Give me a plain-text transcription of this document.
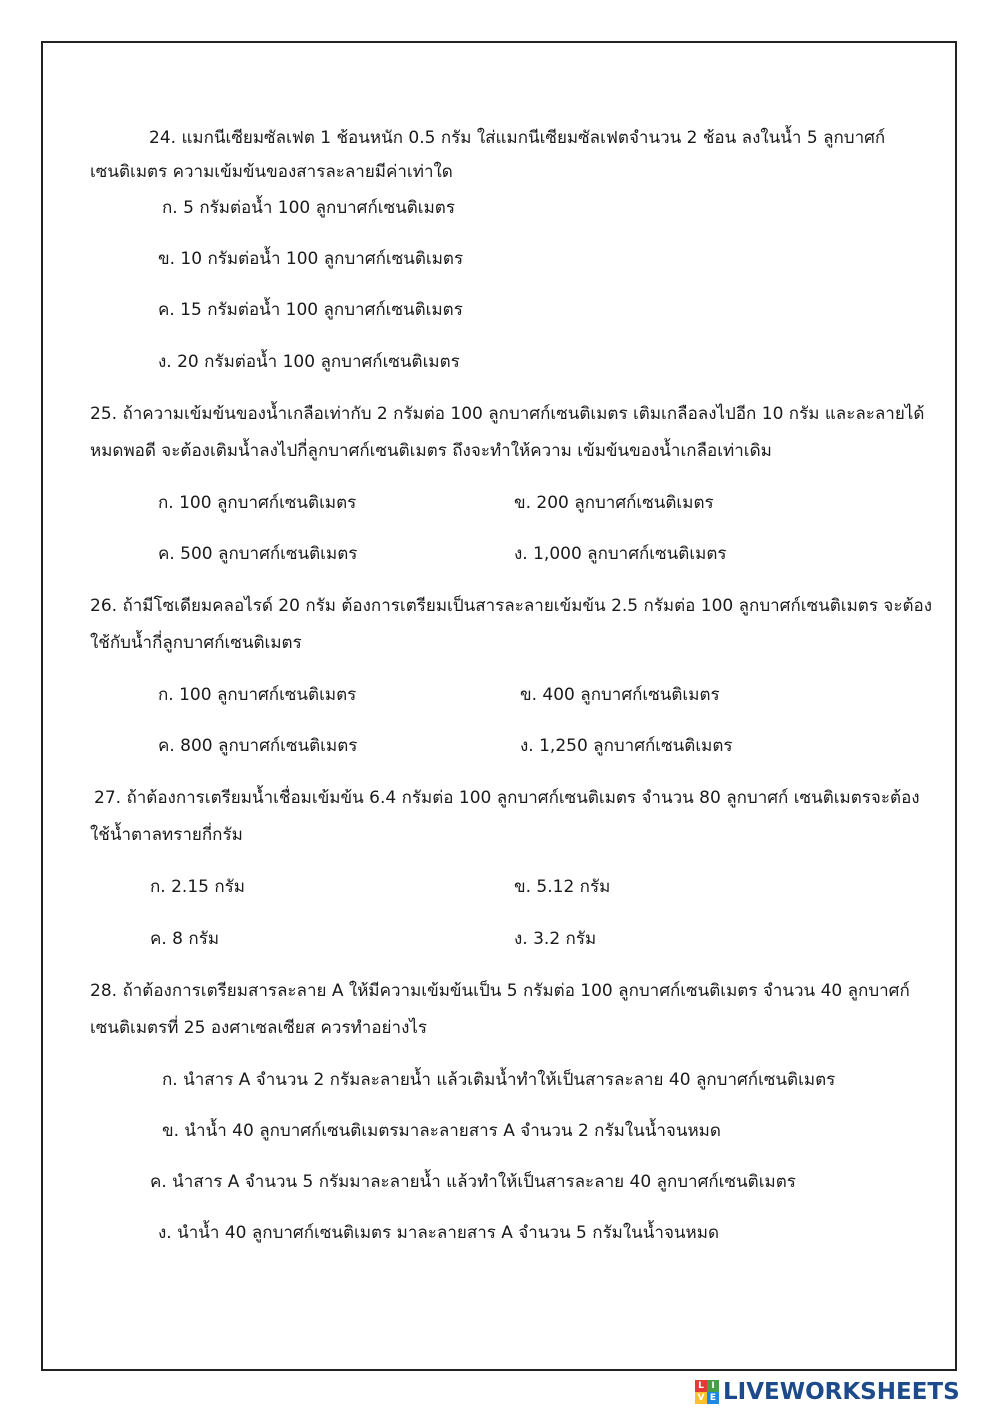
24. แมกนีเซียมซัลเฟต 1 ช้อนหนัก 0.5 กรัม ใส่แมกนีเซียมซัลเฟตจำนวน 2 ช้อน ลงในน้ำ 5 ลูกบาศก์
เซนติเมตร ความเข้มข้นของสารละลายมีค่าเท่าใด
ก. 5 กรัมต่อน้ำ 100 ลูกบาศก์เซนติเมตร
ข. 10 กรัมต่อน้ำ 100 ลูกบาศก์เซนติเมตร
ค. 15 กรัมต่อน้ำ 100 ลูกบาศก์เซนติเมตร
ง. 20 กรัมต่อน้ำ 100 ลูกบาศก์เซนติเมตร
25. ถ้าความเข้มข้นของน้ำเกลือเท่ากับ 2 กรัมต่อ 100 ลูกบาศก์เซนติเมตร เติมเกลือลงไปอีก 10 กรัม และละลายได้
หมดพอดี จะต้องเติมน้ำลงไปกี่ลูกบาศก์เซนติเมตร ถึงจะทำให้ความ เข้มข้นของน้ำเกลือเท่าเดิม
ก. 100 ลูกบาศก์เซนติเมตร	ข. 200 ลูกบาศก์เซนติเมตร
ค. 500 ลูกบาศก์เซนติเมตร	ง. 1,000 ลูกบาศก์เซนติเมตร
26. ถ้ามีโซเดียมคลอไรด์ 20 กรัม ต้องการเตรียมเป็นสารละลายเข้มข้น 2.5 กรัมต่อ 100 ลูกบาศก์เซนติเมตร จะต้อง
ใช้กับน้ำกี่ลูกบาศก์เซนติเมตร
ก. 100 ลูกบาศก์เซนติเมตร	ข. 400 ลูกบาศก์เซนติเมตร
ค. 800 ลูกบาศก์เซนติเมตร	ง. 1,250 ลูกบาศก์เซนติเมตร
27. ถ้าต้องการเตรียมน้ำเชื่อมเข้มข้น 6.4 กรัมต่อ 100 ลูกบาศก์เซนติเมตร จำนวน 80 ลูกบาศก์ เซนติเมตรจะต้อง
ใช้น้ำตาลทรายกี่กรัม
ก. 2.15 กรัม	ข. 5.12 กรัม
ค. 8 กรัม	ง. 3.2 กรัม
28. ถ้าต้องการเตรียมสารละลาย A ให้มีความเข้มข้นเป็น 5 กรัมต่อ 100 ลูกบาศก์เซนติเมตร จำนวน 40 ลูกบาศก์
เซนติเมตรที่ 25 องศาเซลเซียส ควรทำอย่างไร
ก. นำสาร A จำนวน 2 กรัมละลายน้ำ แล้วเติมน้ำทำให้เป็นสารละลาย 40 ลูกบาศก์เซนติเมตร
ข. นำน้ำ 40 ลูกบาศก์เซนติเมตรมาละลายสาร A จำนวน 2 กรัมในน้ำจนหมด
ค. นำสาร A จำนวน 5 กรัมมาละลายน้ำ แล้วทำให้เป็นสารละลาย 40 ลูกบาศก์เซนติเมตร
ง. นำน้ำ 40 ลูกบาศก์เซนติเมตร มาละลายสาร A จำนวน 5 กรัมในน้ำจนหมด
L I
V E LIVEWORKSHEETS
